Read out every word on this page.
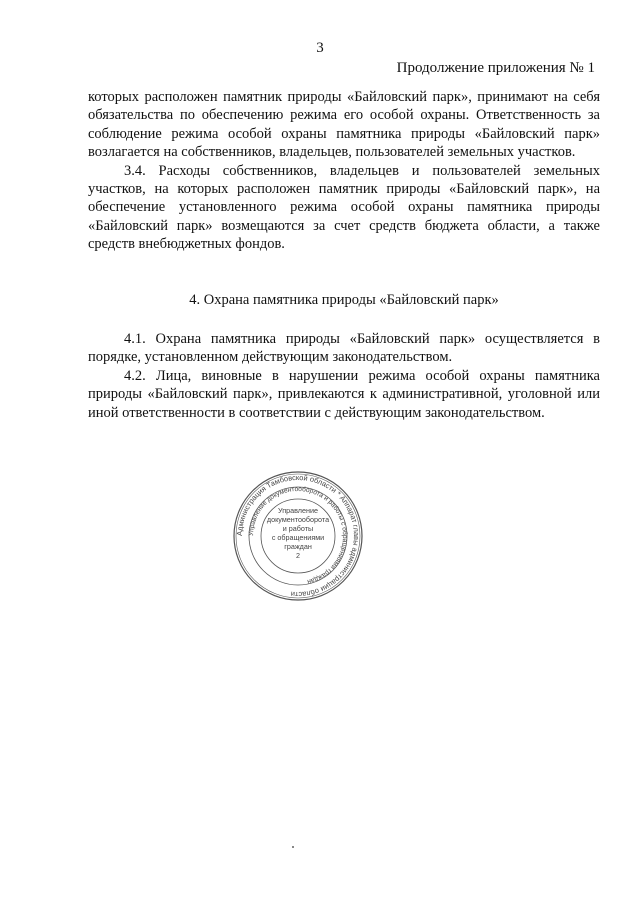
3
Продолжение приложения № 1

которых расположен памятник природы «Байловский парк», принимают на себя обязательства по обеспечению режима его особой охраны. Ответственность за соблюдение режима особой охраны памятника природы «Байловский парк» возлагается на собственников, владельцев, пользователей земельных участков.

3.4. Расходы собственников, владельцев и пользователей земельных участков, на которых расположен памятник природы «Байловский парк», на обеспечение установленного режима особой охраны памятника природы «Байловский парк» возмещаются за счет средств бюджета области, а также средств внебюджетных фондов.

4. Охрана памятника природы «Байловский парк»

4.1. Охрана памятника природы «Байловский парк» осуществляется в порядке, установленном действующим законодательством.

4.2. Лица, виновные в нарушении режима особой охраны памятника природы «Байловский парк», привлекаются к административной, уголовной или иной ответственности в соответствии с действующим законодательством.

Администрация Тамбовской области * Аппарат главы администрации области
Управление документооборота и работы с обращениями граждан
Управление
документооборота
и работы
с обращениями
граждан
2
